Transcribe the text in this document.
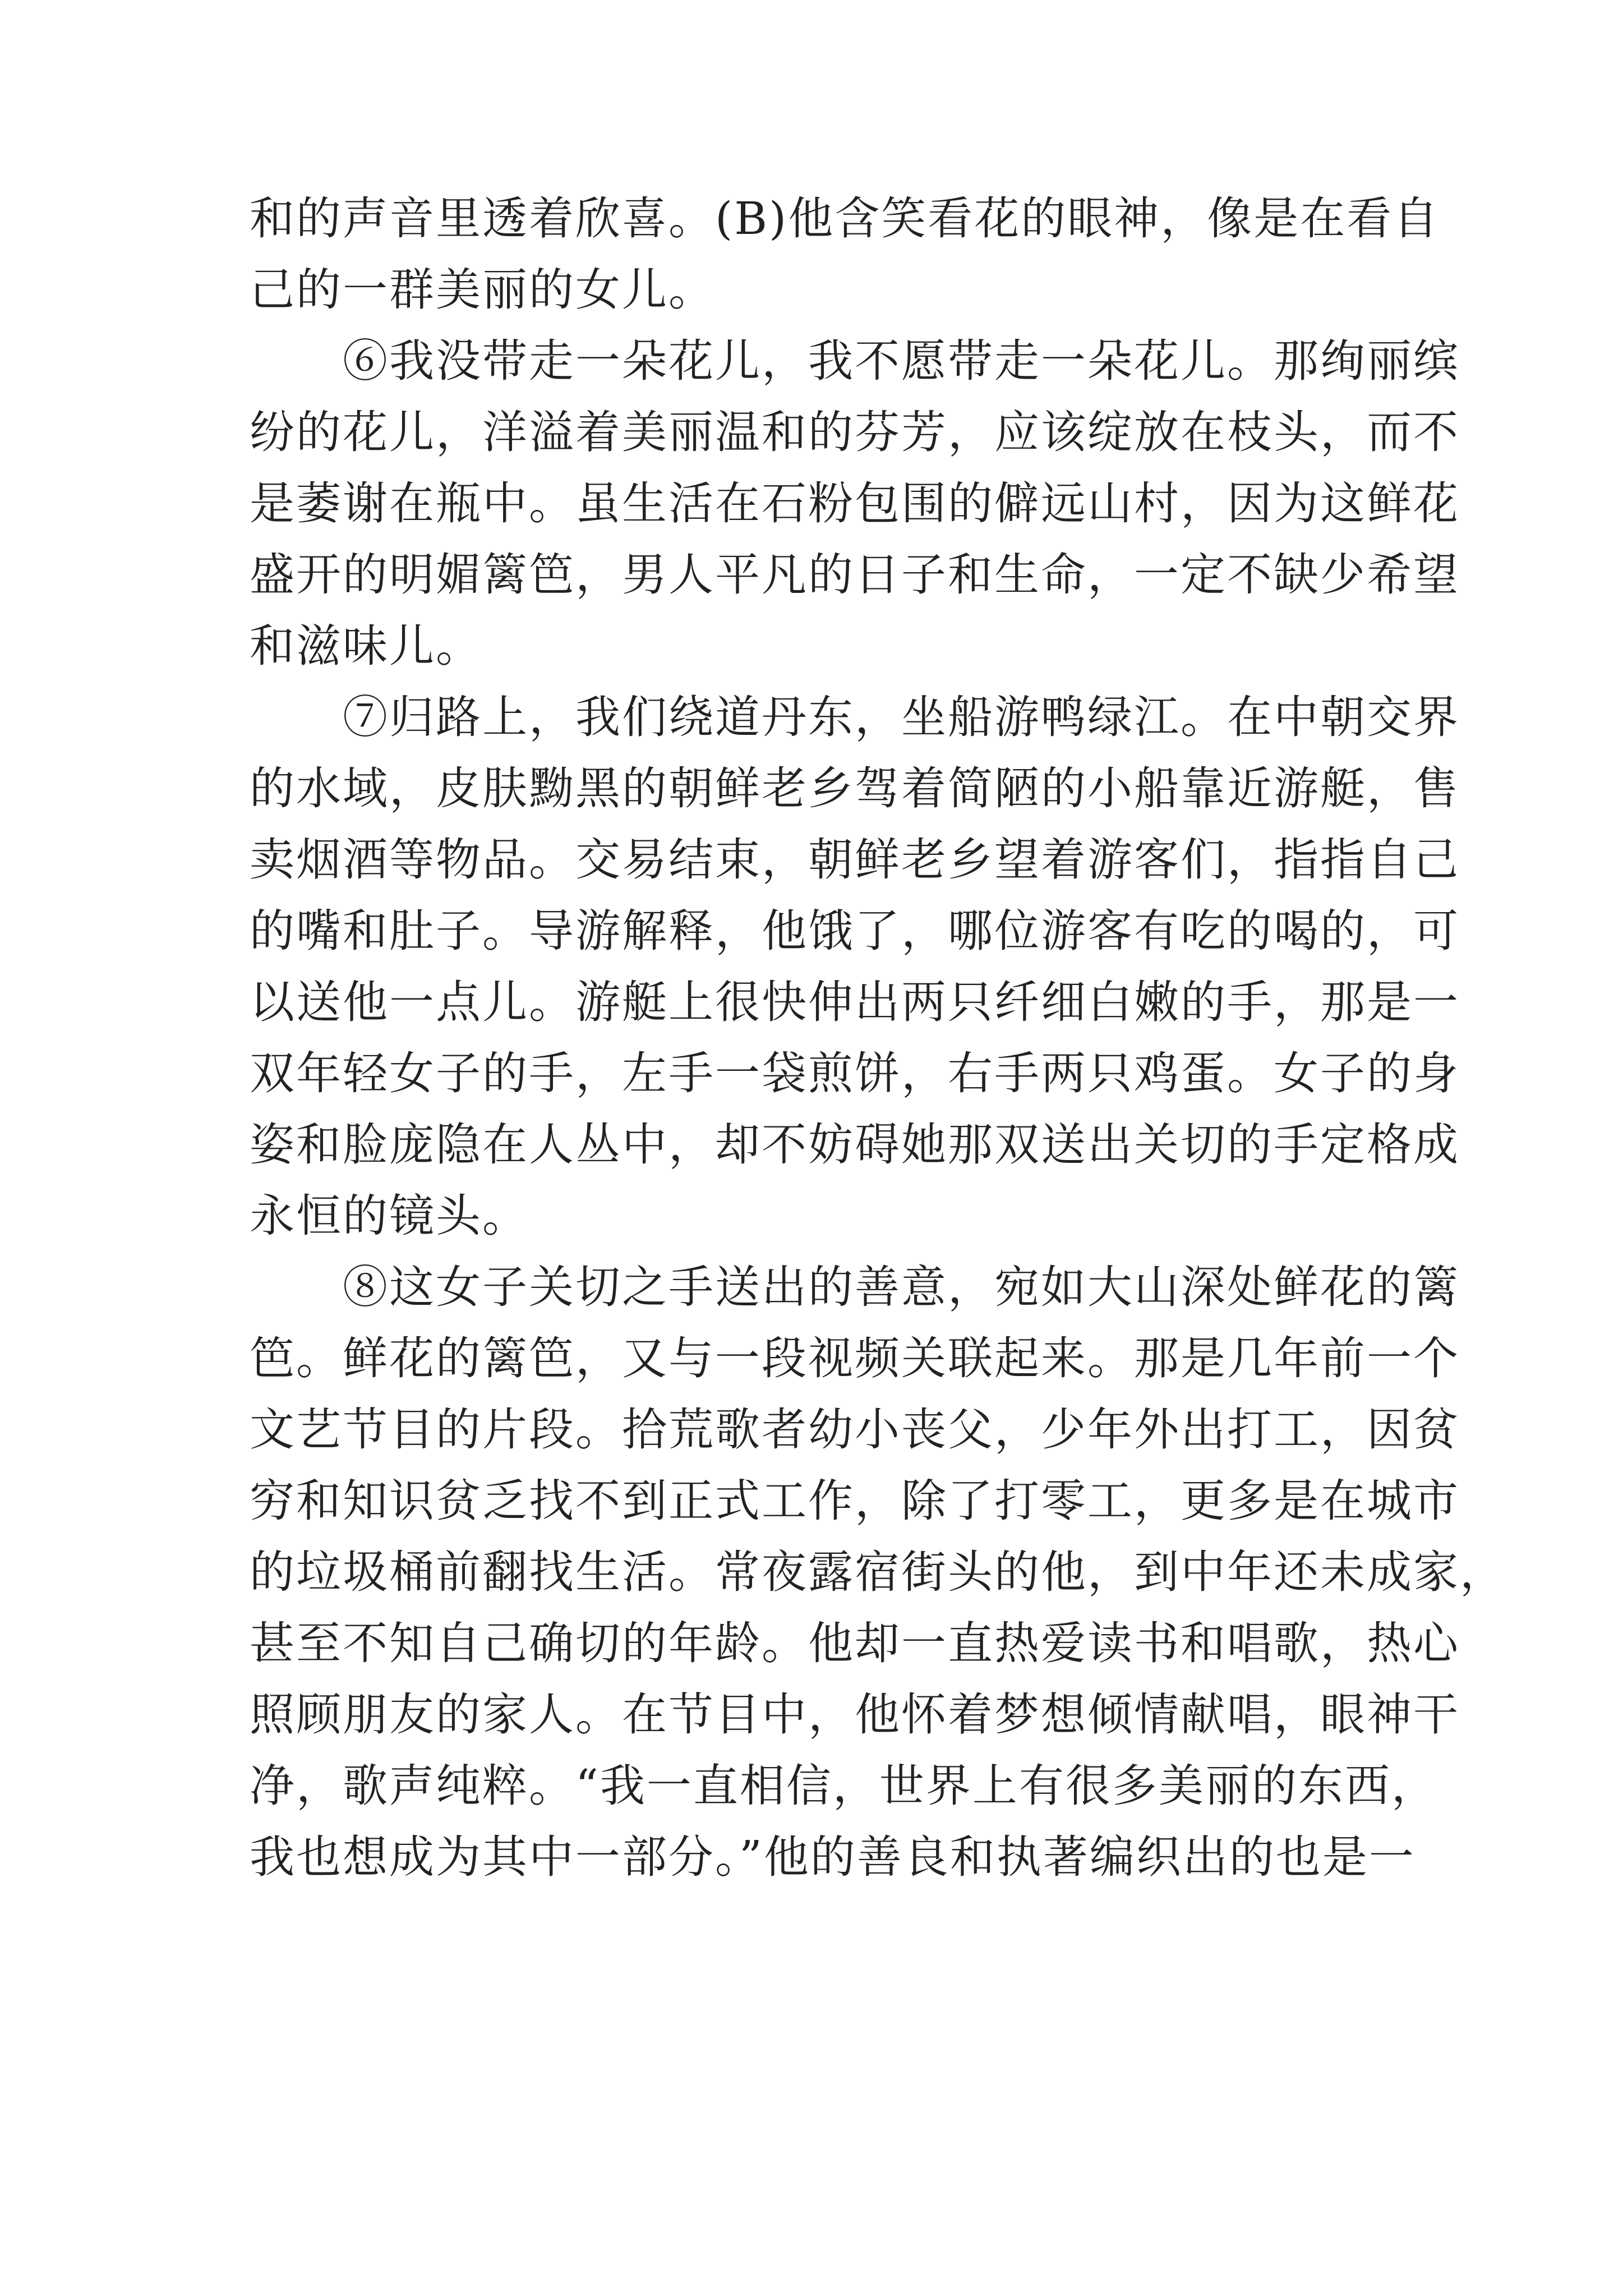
和的声音里透着欣喜。(B)他含笑看花的眼神，像是在看自
己的一群美丽的女儿。
　　⑥我没带走一朵花儿，我不愿带走一朵花儿。那绚丽缤
纷的花儿，洋溢着美丽温和的芬芳，应该绽放在枝头，而不
是萎谢在瓶中。虽生活在石粉包围的僻远山村，因为这鲜花
盛开的明媚篱笆，男人平凡的日子和生命，一定不缺少希望
和滋味儿。
　　⑦归路上，我们绕道丹东，坐船游鸭绿江。在中朝交界
的水域，皮肤黝黑的朝鲜老乡驾着简陋的小船靠近游艇，售
卖烟酒等物品。交易结束，朝鲜老乡望着游客们，指指自己
的嘴和肚子。导游解释，他饿了，哪位游客有吃的喝的，可
以送他一点儿。游艇上很快伸出两只纤细白嫩的手，那是一
双年轻女子的手，左手一袋煎饼，右手两只鸡蛋。女子的身
姿和脸庞隐在人丛中，却不妨碍她那双送出关切的手定格成
永恒的镜头。
　　⑧这女子关切之手送出的善意，宛如大山深处鲜花的篱
笆。鲜花的篱笆，又与一段视频关联起来。那是几年前一个
文艺节目的片段。拾荒歌者幼小丧父，少年外出打工，因贫
穷和知识贫乏找不到正式工作，除了打零工，更多是在城市
的垃圾桶前翻找生活。常夜露宿街头的他，到中年还未成家，
甚至不知自己确切的年龄。他却一直热爱读书和唱歌，热心
照顾朋友的家人。在节目中，他怀着梦想倾情献唱，眼神干
净，歌声纯粹。“我一直相信，世界上有很多美丽的东西，
我也想成为其中一部分。”他的善良和执著编织出的也是一
